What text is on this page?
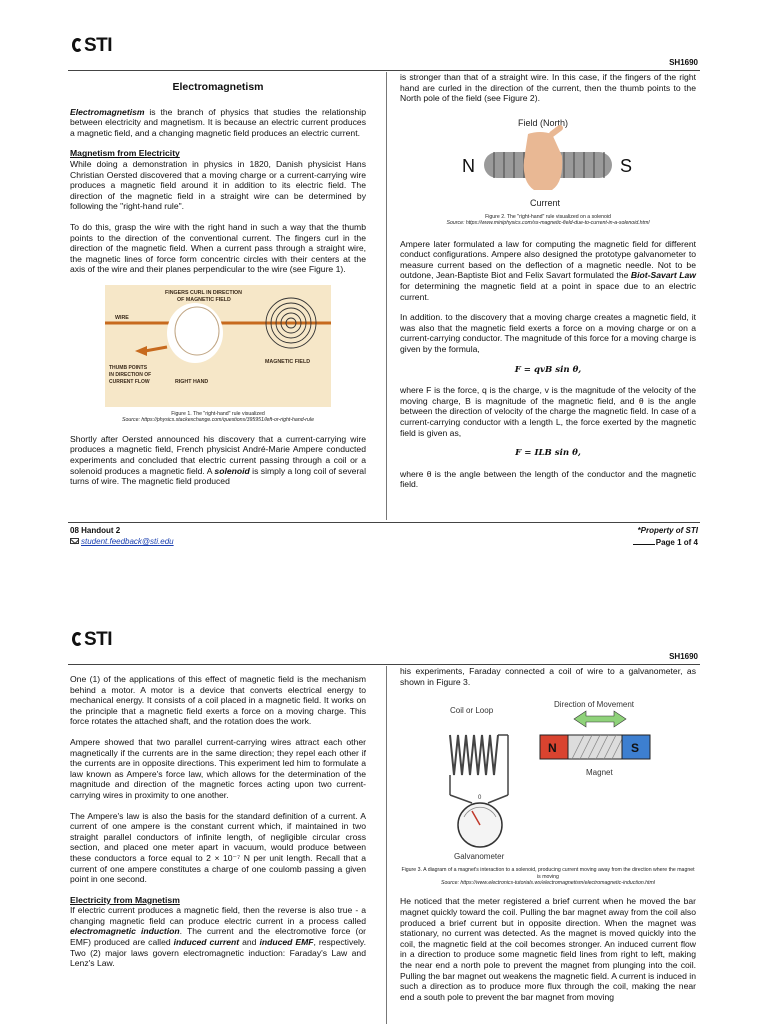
STI
SH1690
Electromagnetism

Electromagnetism is the branch of physics that studies the relationship between electricity and magnetism. It is because an electric current produces a magnetic field, and a changing magnetic field produces an electric current.

Magnetism from Electricity

While doing a demonstration in physics in 1820, Danish physicist Hans Christian Oersted discovered that a moving charge or a current-carrying wire produces a magnetic field around it in addition to its electric field. The direction of the magnetic field in a straight wire can be determined by following the "right-hand rule".

To do this, grasp the wire with the right hand in such a way that the thumb points to the direction of the conventional current. The fingers curl in the direction of the magnetic field. When a current pass through a straight wire, the magnetic lines of force form concentric circles with their centers at the axis of the wire and their planes perpendicular to the wire (see Figure 1).

FINGERS CURL IN DIRECTION
OF MAGNETIC FIELD
WIRE
THUMB POINTS
IN DIRECTION OF
CURRENT FLOW	RIGHT HAND
MAGNETIC FIELD
Figure 1. The "right-hand" rule visualized
Source: https://physics.stackexchange.com/questions/395951/left-or-right-hand-rule

Shortly after Oersted announced his discovery that a current-carrying wire produces a magnetic field, French physicist André-Marie Ampere conducted experiments and concluded that electric current passing through a coil or a solenoid produces a magnetic field. A solenoid is simply a long coil of several turns of wire. The magnetic field produced

is stronger than that of a straight wire. In this case, if the fingers of the right hand are curled in the direction of the current, then the thumb points to the North pole of the field (see Figure 2).

Field (North)
N	S
Current
Figure 2. The "right-hand" rule visualized on a solenoid
Source: https://www.miniphysics.com/ss-magnetic-field-due-to-current-in-a-solenoid.html

Ampere later formulated a law for computing the magnetic field for different conduct configurations. Ampere also designed the prototype galvanometer to measure current based on the deflection of a magnetic needle. Not to be outdone, Jean-Baptiste Biot and Felix Savart formulated the Biot-Savart Law for determining the magnetic field at a point in space due to an electric current.

In addition. to the discovery that a moving charge creates a magnetic field, it was also that the magnetic field exerts a force on a moving charge or on a current-carrying conductor. The magnitude of this force for a moving charge is given by the formula,

F = qvB sin θ,

where F is the force, q is the charge, v is the magnitude of the velocity of the moving charge, B is magnitude of the magnetic field, and θ is the angle between the direction of velocity of the charge the magnetic field. In case of a current-carrying conductor with a length L, the force exerted by the magnetic field is given as,

F = ILB sin θ,

where θ is the angle between the length of the conductor and the magnetic field.

08 Handout 2
student.feedback@sti.edu
*Property of STI
Page 1 of 4
STI
SH1690

One (1) of the applications of this effect of magnetic field is the mechanism behind a motor. A motor is a device that converts electrical energy to mechanical energy. It consists of a coil placed in a magnetic field. It works on the principle that a magnetic field exerts a force on a moving charge. This force rotates the attached shaft, and the rotation does the work.

Ampere showed that two parallel current-carrying wires attract each other magnetically if the currents are in the same direction; they repel each other if the currents are in opposite directions. This experiment led him to formulate a law known as Ampere's force law, which allows for the determination of the magnitude and direction of the magnetic forces acting upon two current-carrying wires in proximity to one another.

The Ampere's law is also the basis for the standard definition of a current. A current of one ampere is the constant current which, if maintained in two straight parallel conductors of infinite length, of negligible circular cross section, and placed one meter apart in vacuum, would produce between these conductors a force equal to 2 × 10⁻⁷ N per unit length. Recall that a current of one ampere constitutes a charge of one coulomb passing a given point in one second.

Electricity from Magnetism

If electric current produces a magnetic field, then the reverse is also true - a changing magnetic field can produce electric current in a process called electromagnetic induction. The current and the electromotive force (or EMF) produced are called induced current and induced EMF, respectively. Two (2) major laws govern electromagnetic induction: Faraday's Law and Lenz's Law.

his experiments, Faraday connected a coil of wire to a galvanometer, as shown in Figure 3.

Coil or Loop
Direction of Movement
N	S
Magnet
0
Galvanometer
Figure 3. A diagram of a magnet's interaction to a solenoid, producing current moving away from the direction where the magnet is moving
Source: https://www.electronics-tutorials.ws/electromagnetism/electromagnetic-induction.html

He noticed that the meter registered a brief current when he moved the bar magnet quickly toward the coil. Pulling the bar magnet away from the coil also produced a brief current but in opposite direction. When the magnet was stationary, no current was detected. As the magnet is moved quickly into the coil, the magnetic field at the coil becomes stronger. An induced current flow in a direction to produce some magnetic field lines from right to left, making the near end a north pole to prevent the magnet from plunging into the coil. Pulling the bar magnet out weakens the magnetic field. A current is induced in such a direction as to produce more flux through the coil, making the near end a south pole to prevent the bar magnet from moving
